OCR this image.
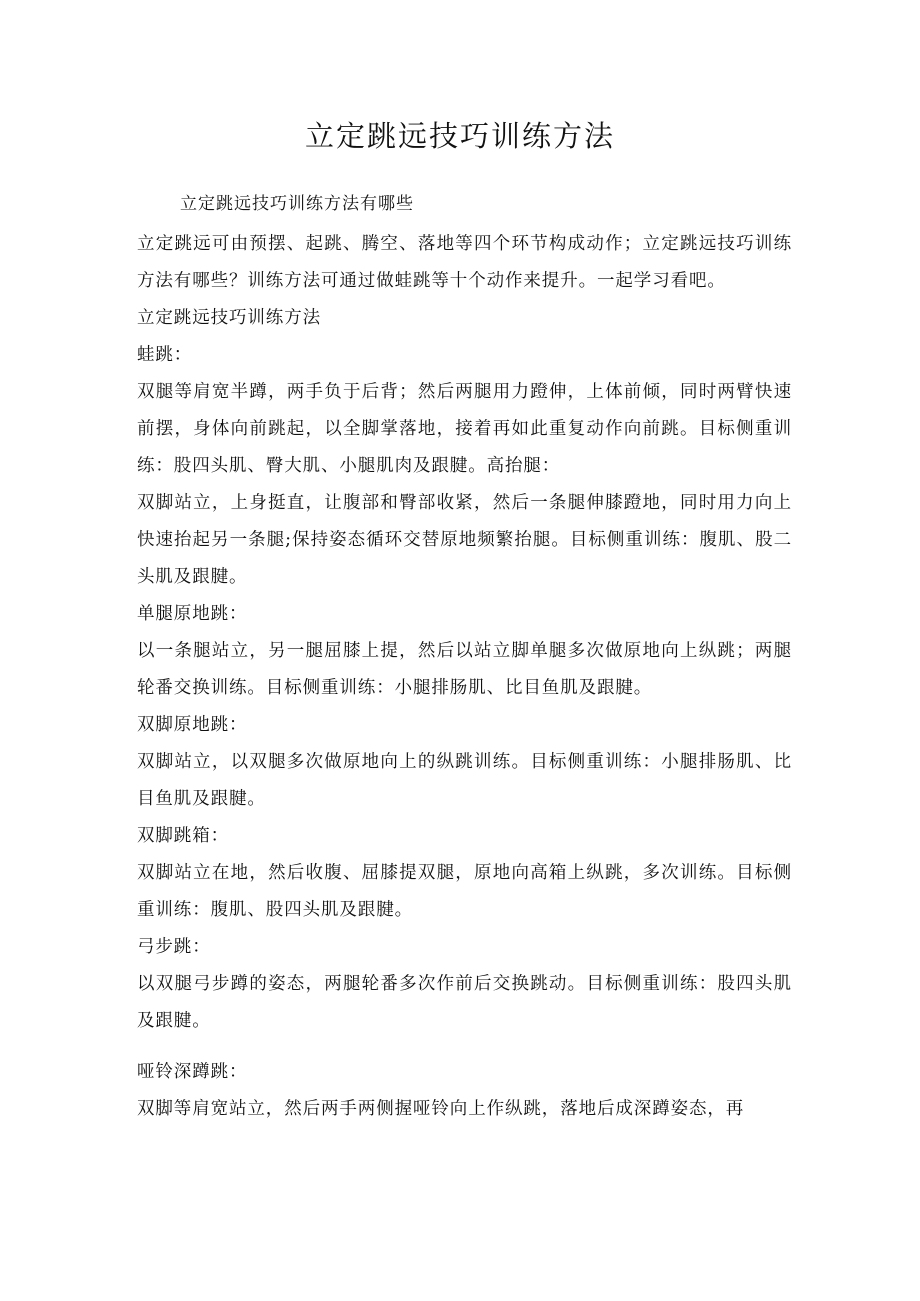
立定跳远技巧训练方法
立定跳远技巧训练方法有哪些

立定跳远可由预摆、起跳、腾空、落地等四个环节构成动作；立定跳远技巧训练方法有哪些？训练方法可通过做蛙跳等十个动作来提升。一起学习看吧。

立定跳远技巧训练方法

蛙跳：

双腿等肩宽半蹲，两手负于后背；然后两腿用力蹬伸，上体前倾，同时两臂快速前摆，身体向前跳起，以全脚掌落地，接着再如此重复动作向前跳。目标侧重训练：股四头肌、臀大肌、小腿肌肉及跟腱。高抬腿：

双脚站立，上身挺直，让腹部和臀部收紧，然后一条腿伸膝蹬地，同时用力向上快速抬起另一条腿;保持姿态循环交替原地频繁抬腿。目标侧重训练：腹肌、股二头肌及跟腱。

单腿原地跳：

以一条腿站立，另一腿屈膝上提，然后以站立脚单腿多次做原地向上纵跳；两腿轮番交换训练。目标侧重训练：小腿排肠肌、比目鱼肌及跟腱。

双脚原地跳：

双脚站立，以双腿多次做原地向上的纵跳训练。目标侧重训练：小腿排肠肌、比目鱼肌及跟腱。

双脚跳箱：

双脚站立在地，然后收腹、屈膝提双腿，原地向高箱上纵跳，多次训练。目标侧重训练：腹肌、股四头肌及跟腱。

弓步跳：

以双腿弓步蹲的姿态，两腿轮番多次作前后交换跳动。目标侧重训练：股四头肌及跟腱。

哑铃深蹲跳：

双脚等肩宽站立，然后两手两侧握哑铃向上作纵跳，落地后成深蹲姿态，再
